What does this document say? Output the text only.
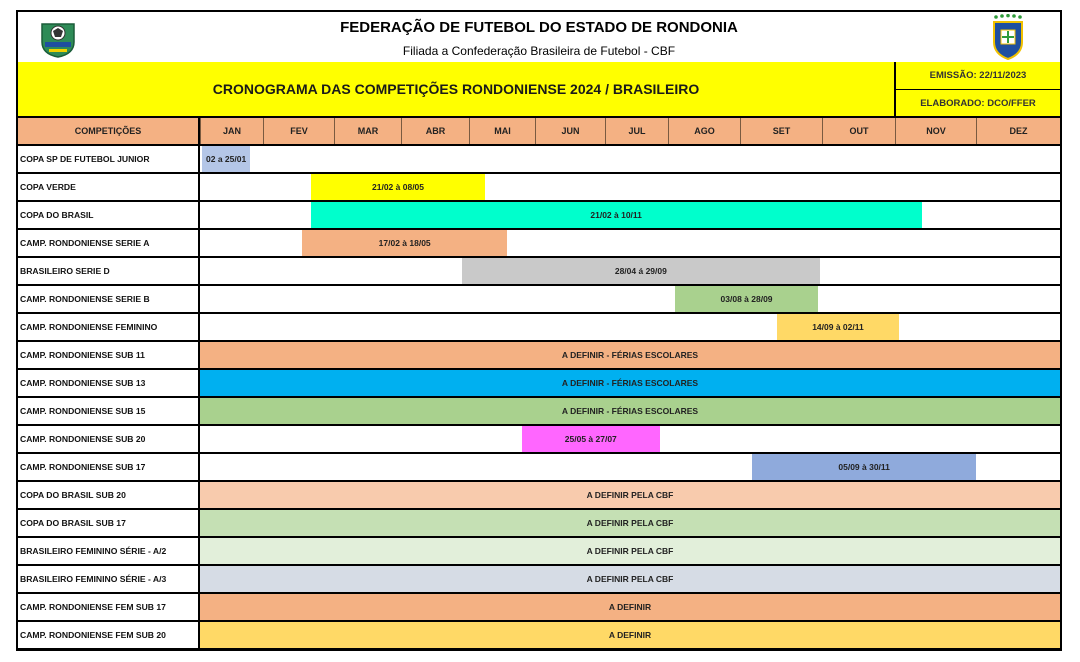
FEDERAÇÃO DE FUTEBOL DO ESTADO DE RONDONIA
Filiada a Confederação Brasileira de Futebol - CBF
CRONOGRAMA DAS COMPETIÇÕES RONDONIENSE 2024 / BRASILEIRO
EMISSÃO: 22/11/2023
ELABORADO: DCO/FFER
COMPETIÇÕES	JAN	FEV	MAR	ABR	MAI	JUN	JUL	AGO	SET	OUT	NOV	DEZ
COPA SP DE FUTEBOL JUNIOR	02 a 25/01
COPA VERDE	21/02 à 08/05
COPA DO BRASIL	21/02 à 10/11
CAMP. RONDONIENSE SERIE A	17/02 à 18/05
BRASILEIRO SERIE D	28/04 á 29/09
CAMP. RONDONIENSE SERIE B	03/08 à 28/09
CAMP. RONDONIENSE FEMININO	14/09 à 02/11
CAMP. RONDONIENSE SUB 11	A DEFINIR - FÉRIAS ESCOLARES
CAMP. RONDONIENSE SUB 13	A DEFINIR - FÉRIAS ESCOLARES
CAMP. RONDONIENSE SUB 15	A DEFINIR - FÉRIAS ESCOLARES
CAMP. RONDONIENSE SUB 20	25/05 à 27/07
CAMP. RONDONIENSE SUB 17	05/09 à 30/11
COPA DO BRASIL SUB 20	A DEFINIR PELA CBF
COPA DO BRASIL SUB 17	A DEFINIR PELA CBF
BRASILEIRO FEMININO SÉRIE - A/2	A DEFINIR PELA CBF
BRASILEIRO FEMININO SÉRIE - A/3	A DEFINIR PELA CBF
CAMP. RONDONIENSE FEM SUB 17	A DEFINIR
CAMP. RONDONIENSE FEM SUB 20	A DEFINIR
